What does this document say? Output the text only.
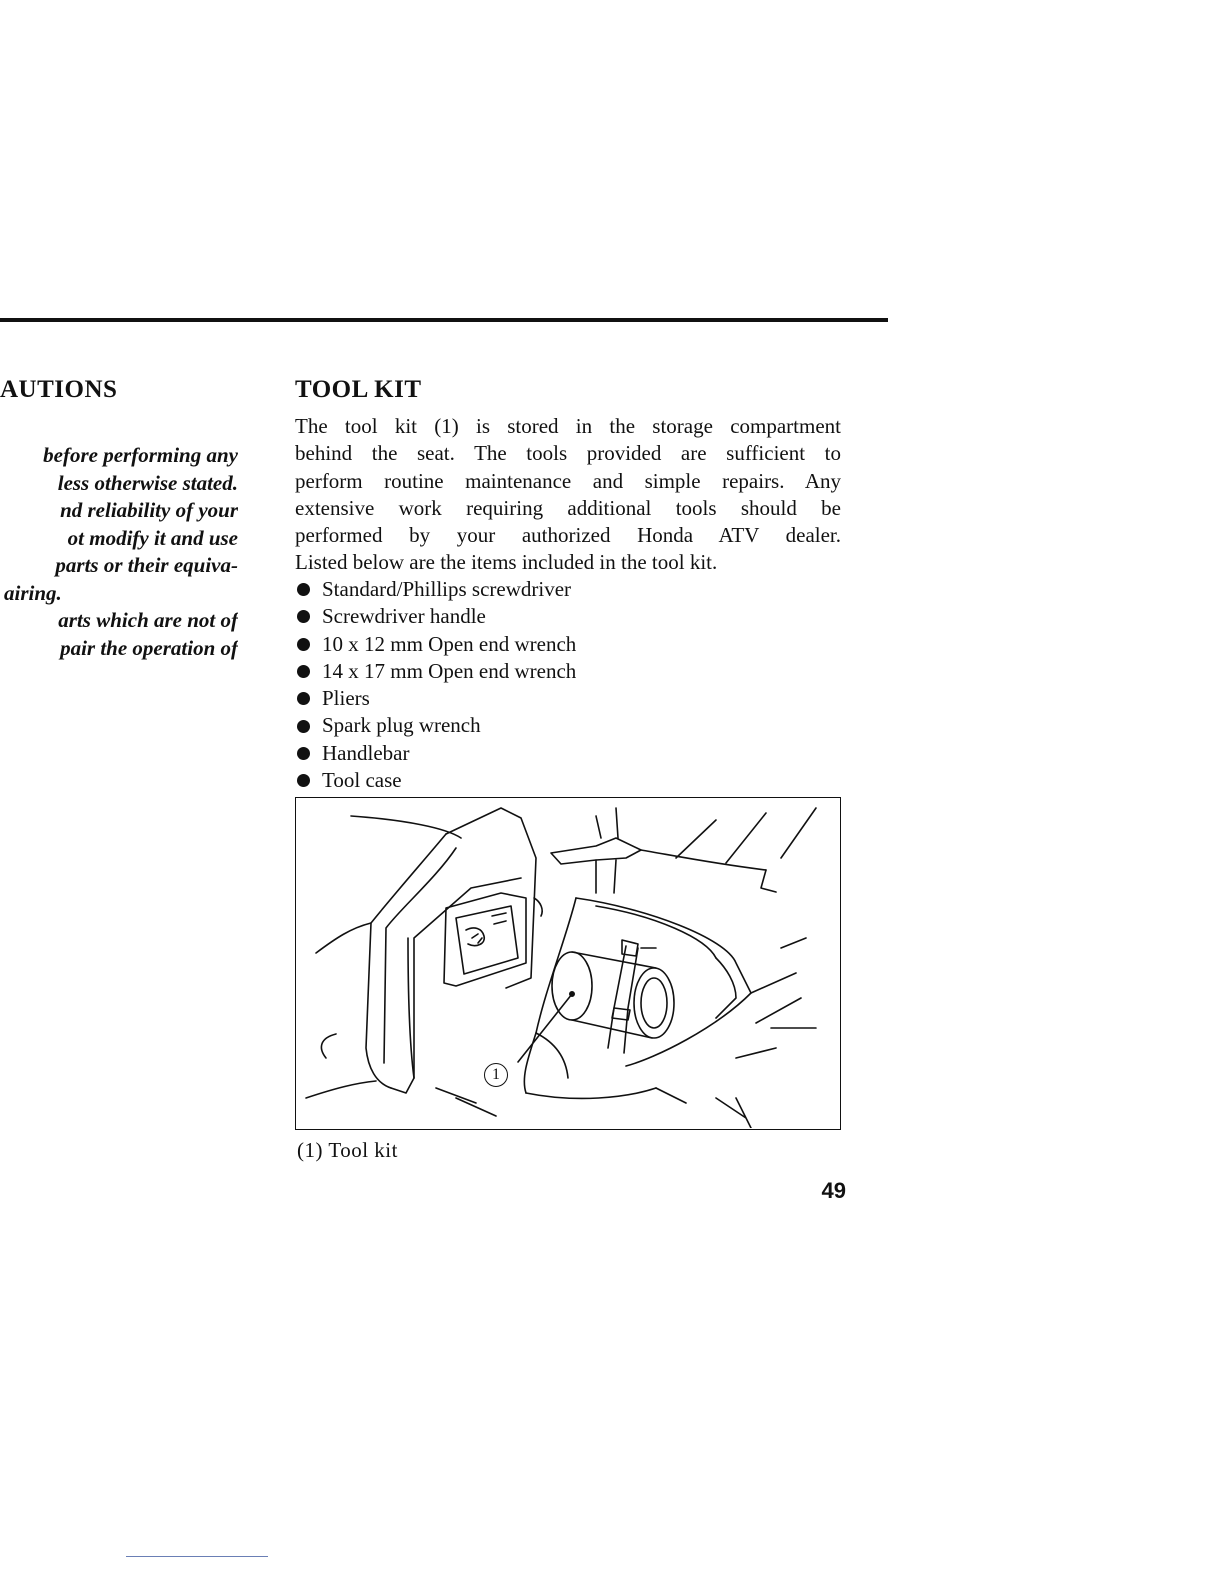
AUTIONS
before performing any
less otherwise stated.
nd reliability of your
ot modify it and use
parts or their equiva-
airing.
arts which are not of
pair the operation of
TOOL KIT
The tool kit (1) is stored in the storage compartment
behind the seat. The tools provided are sufficient to
perform routine maintenance and simple repairs. Any
extensive work requiring additional tools should be
performed by your authorized Honda ATV dealer.
Listed below are the items included in the tool kit.
Standard/Phillips screwdriver
Screwdriver handle
10 x 12 mm Open end wrench
14 x 17 mm Open end wrench
Pliers
Spark plug wrench
Handlebar
Tool case
1
(1) Tool kit
49
